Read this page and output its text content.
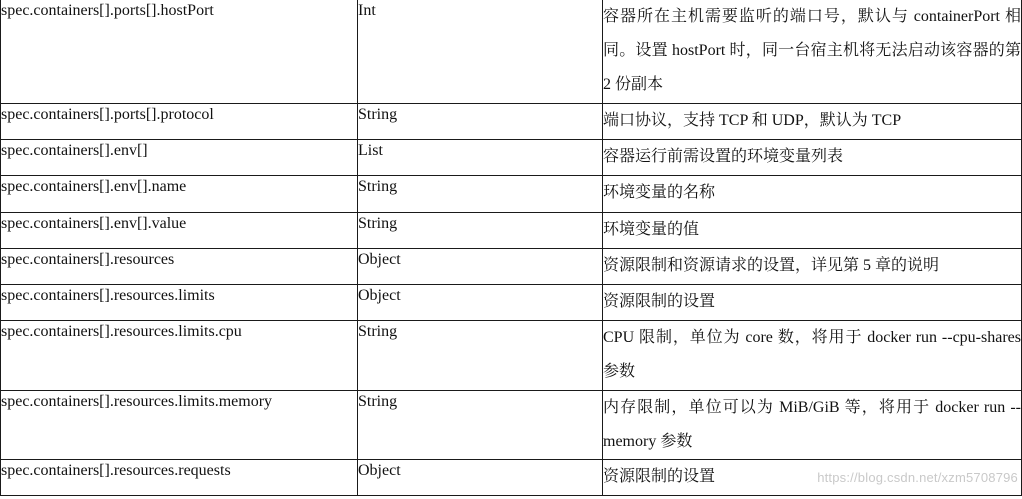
spec.containers[].ports[].hostPort	Int	容器所在主机需要监听的端口号，默认与 containerPort 相同。设置 hostPort 时，同一台宿主机将无法启动该容器的第 2 份副本

spec.containers[].ports[].protocol	String	端口协议，支持 TCP 和 UDP，默认为 TCP

spec.containers[].env[]	List	容器运行前需设置的环境变量列表

spec.containers[].env[].name	String	环境变量的名称

spec.containers[].env[].value	String	环境变量的值

spec.containers[].resources	Object	资源限制和资源请求的设置，详见第 5 章的说明

spec.containers[].resources.limits	Object	资源限制的设置

spec.containers[].resources.limits.cpu	String	CPU 限制，单位为 core 数，将用于 docker run --cpu-shares 参数

spec.containers[].resources.limits.memory	String	内存限制，单位可以为 MiB/GiB 等，将用于 docker run --memory 参数

spec.containers[].resources.requests	Object	资源限制的设置	https://blog.csdn.net/xzm5708796
